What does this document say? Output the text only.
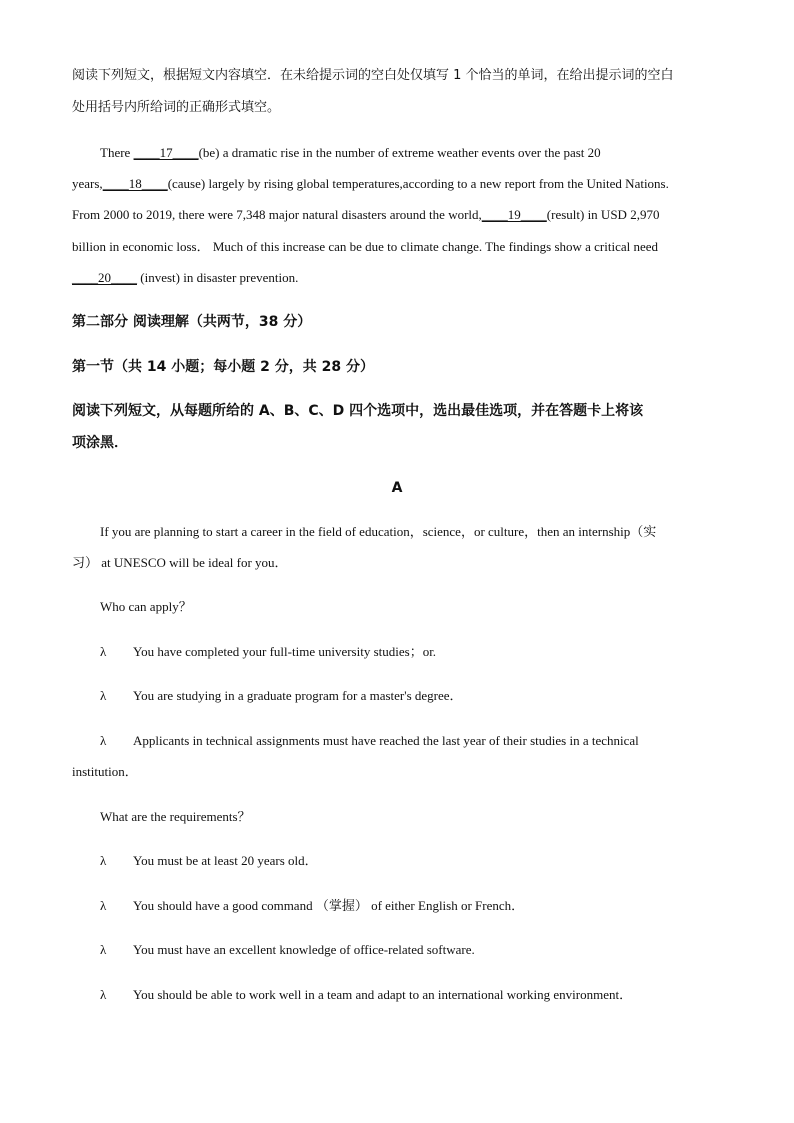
阅读下列短文，根据短文内容填空．在未给提示词的空白处仅填写 1 个恰当的单词，在给出提示词的空白
处用括号内所给词的正确形式填空。
There ____17____(be) a dramatic rise in the number of extreme weather events over the past 20
years,____18____(cause) largely by rising global temperatures,according to a new report from the United Nations.
From 2000 to 2019, there were 7,348 major natural disasters around the world,____19____(result) in USD 2,970
billion in economic loss． Much of this increase can be due to climate change. The findings show a critical need
____20____ (invest) in disaster prevention.
第二部分 阅读理解（共两节，38 分）
第一节（共 14 小题；每小题 2 分，共 28 分）
阅读下列短文，从每题所给的 A、B、C、D 四个选项中，选出最佳选项，并在答题卡上将该
项涂黑．
A
If you are planning to start a career in the field of education，science，or culture，then an internship（实
习） at UNESCO will be ideal for you．
Who can apply？
λ You have completed your full-time university studies；or.
λ You are studying in a graduate program for a master's degree．
λ Applicants in technical assignments must have reached the last year of their studies in a technical
institution．
What are the requirements？
λ You must be at least 20 years old．
λ You should have a good command （掌握） of either English or French．
λ You must have an excellent knowledge of office-related software.
λ You should be able to work well in a team and adapt to an international working environment．
